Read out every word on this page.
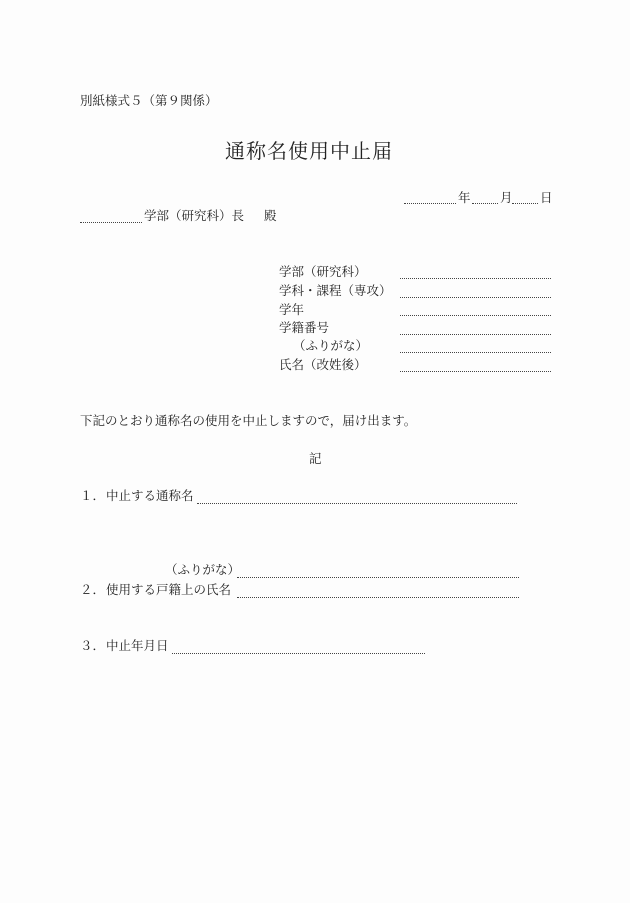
別紙様式５（第９関係）
通称名使用中止届
年 月 日
学部（研究科）長 殿
学部（研究科）
学科・課程（専攻）
学年
学籍番号
（ふりがな）
氏名（改姓後）
下記のとおり通称名の使用を中止しますので，届け出ます。
記
１． 中止する通称名
（ふりがな）
２． 使用する戸籍上の氏名
３． 中止年月日
